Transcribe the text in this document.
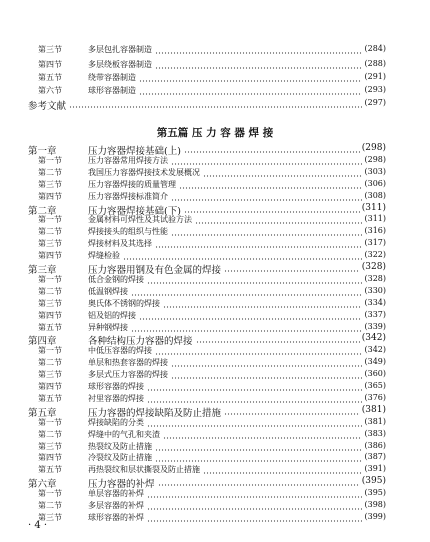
第三节	多层包扎容器制造	(284)
第四节	多层绕板容器制造	(288)
第五节	绕带容器制造	(291)
第六节	球形容器制造	(293)
参考文献	(297)
第一章	压力容器焊接基础(上)	(298)
第一节	压力容器常用焊接方法	(298)
第二节	我国压力容器焊接技术发展概况	(303)
第三节	压力容器焊接的质量管理	(306)
第四节	压力容器焊接标准简介	(308)
第二章	压力容器焊接基础(下)	(311)
第一节	金属材料可焊性及其试验方法	(311)
第二节	焊接接头的组织与性能	(316)
第三节	焊接材料及其选择	(317)
第四节	焊缝检验	(322)
第三章	压力容器用钢及有色金属的焊接	(328)
第一节	低合金钢的焊接	(328)
第二节	低温钢焊接	(330)
第三节	奥氏体不锈钢的焊接	(334)
第四节	铝及铝的焊接	(337)
第五节	异种钢焊接	(339)
第四章	各种结构压力容器的焊接	(342)
第一节	中低压容器的焊接	(342)
第二节	单层和热套容器的焊接	(349)
第三节	多层式压力容器的焊接	(360)
第四节	球形容器的焊接	(365)
第五节	衬里容器的焊接	(376)
第五章	压力容器的焊接缺陷及防止措施	(381)
第一节	焊接缺陷的分类	(381)
第二节	焊缝中的气孔和夹渣	(383)
第三节	热裂纹及防止措施	(386)
第四节	冷裂纹及防止措施	(387)
第五节	再热裂纹和层状撕裂及防止措施	(391)
第六章	压力容器的补焊	(395)
第一节	单层容器的补焊	(395)
第二节	多层容器的补焊	(398)
第三节	球形容器的补焊	(399)
第五篇 压 力 容 器 焊 接
· 4 ·
